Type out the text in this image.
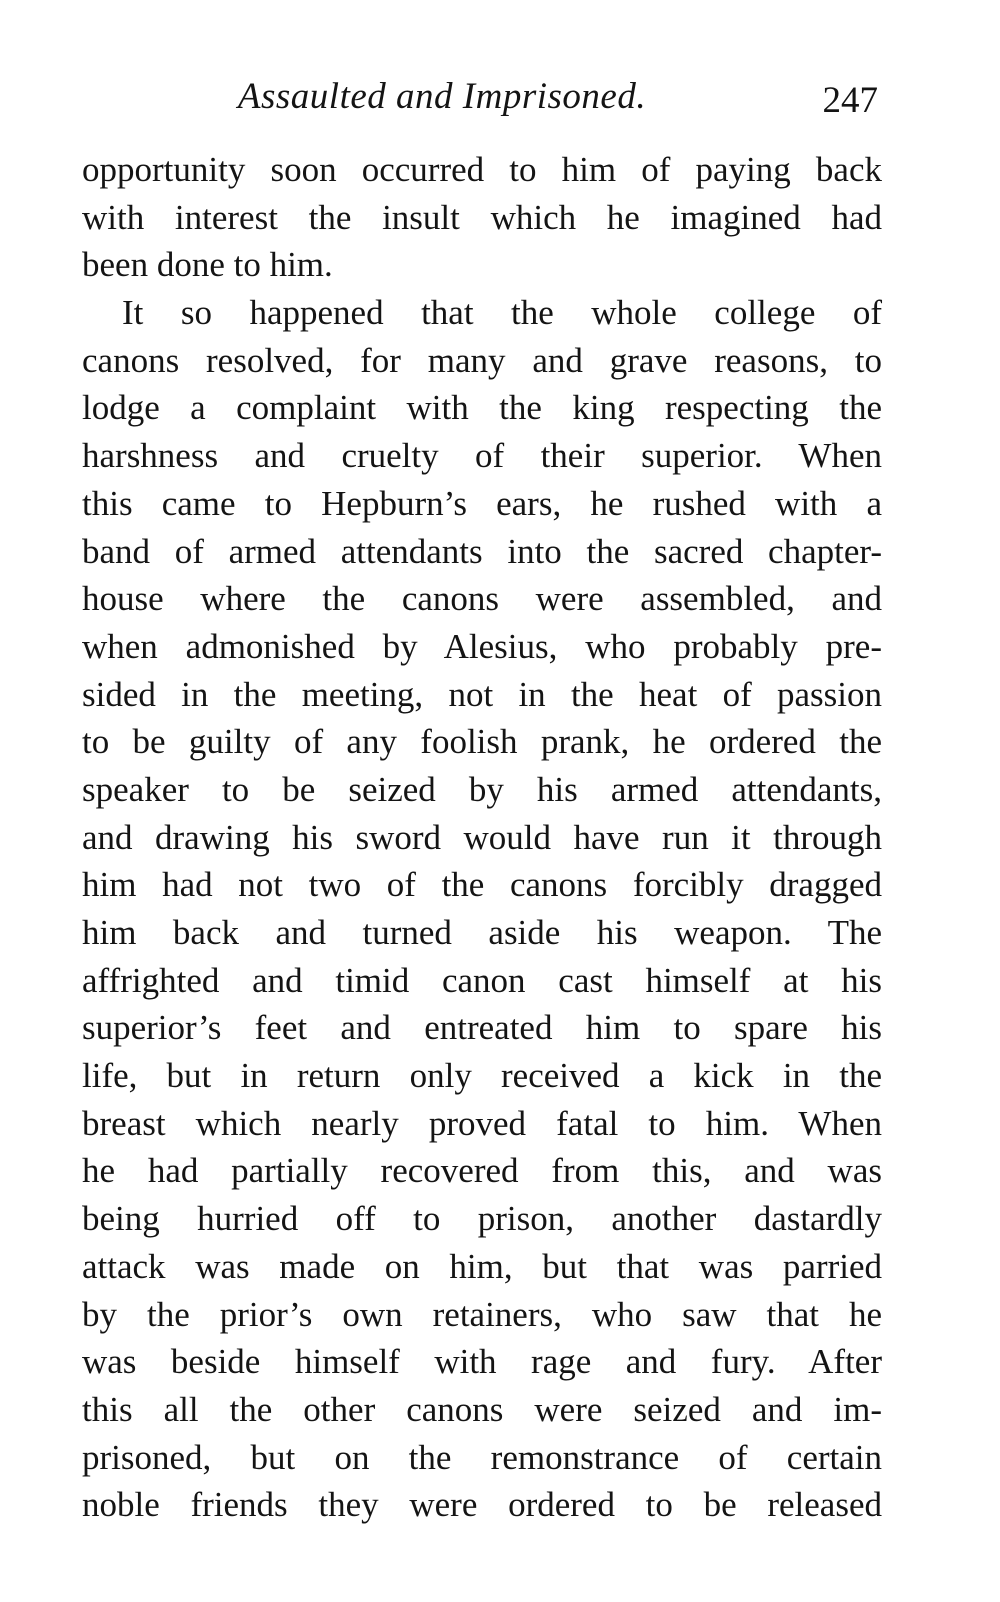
Assaulted and Imprisoned.	247
opportunity soon occurred to him of paying back
with interest the insult which he imagined had
been done to him.
It so happened that the whole college of
canons resolved, for many and grave reasons, to
lodge a complaint with the king respecting the
harshness and cruelty of their superior. When
this came to Hepburn’s ears, he rushed with a
band of armed attendants into the sacred chapter-
house where the canons were assembled, and
when admonished by Alesius, who probably pre-
sided in the meeting, not in the heat of passion
to be guilty of any foolish prank, he ordered the
speaker to be seized by his armed attendants,
and drawing his sword would have run it through
him had not two of the canons forcibly dragged
him back and turned aside his weapon. The
affrighted and timid canon cast himself at his
superior’s feet and entreated him to spare his
life, but in return only received a kick in the
breast which nearly proved fatal to him. When
he had partially recovered from this, and was
being hurried off to prison, another dastardly
attack was made on him, but that was parried
by the prior’s own retainers, who saw that he
was beside himself with rage and fury. After
this all the other canons were seized and im-
prisoned, but on the remonstrance of certain
noble friends they were ordered to be released
